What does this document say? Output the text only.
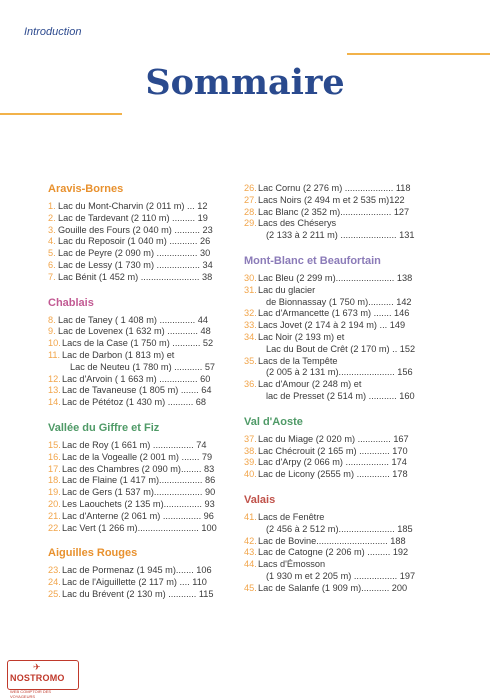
Introduction
Sommaire
Aravis-Bornes
1. Lac du Mont-Charvin (2 011 m) ... 12
2. Lac de Tardevant (2 110 m) ......... 19
3. Gouille des Fours (2 040 m) .......... 23
4. Lac du Reposoir (1 040 m) ........... 26
5. Lac de Peyre (2 090 m) ................ 30
6. Lac de Lessy (1 730 m) ................. 34
7. Lac Bénit (1 452 m) ....................... 38
Chablais
8. Lac de Taney ( 1 408 m) .............. 44
9. Lac de Lovenex (1 632 m) ............ 48
10. Lacs de la Case (1 750 m) ........... 52
11. Lac de Darbon (1 813 m) et
Lac de Neuteu (1 780 m) ........... 57
12. Lac d'Arvoin ( 1 663 m) ............... 60
13. Lac de Tavaneuse (1 805 m) ....... 64
14. Lac de Pététoz (1 430 m) .......... 68
Vallée du Giffre et Fiz
15. Lac de Roy (1 661 m) ................ 74
16. Lac de la Vogealle (2 001 m) ....... 79
17. Lac des Chambres (2 090 m)........ 83
18. Lac de Flaine (1 417 m)................. 86
19. Lac de Gers (1 537 m)................... 90
20. Les Laouchets (2 135 m)............... 93
21. Lac d'Anterne (2 061 m) ............... 96
22. Lac Vert (1 266 m)........................ 100
Aiguilles Rouges
23. Lac de Pormenaz (1 945 m)....... 106
24. Lac de l'Aiguillette (2 117 m) .... 110
25. Lac du Brévent (2 130 m) ........... 115
26. Lac Cornu (2 276 m) ................... 118
27. Lacs Noirs (2 494 m et 2 535 m)122
28. Lac Blanc (2 352 m).................... 127
29. Lacs des Chéserys
(2 133 à 2 211 m) ...................... 131
Mont-Blanc et Beaufortain
30. Lac Bleu (2 299 m)....................... 138
31. Lac du glacier
de Bionnassay (1 750 m).......... 142
32. Lac d'Armancette (1 673 m) ....... 146
33. Lacs Jovet (2 174 à 2 194 m) ... 149
34. Lac Noir (2 193 m) et
Lac du Bout de Crêt (2 170 m) .. 152
35. Lacs de la Tempête
(2 005 à 2 131 m)...................... 156
36. Lac d'Amour (2 248 m) et
lac de Presset (2 514 m) ........... 160
Val d'Aoste
37. Lac du Miage (2 020 m) ............. 167
38. Lac Chécrouit (2 165 m) ............ 170
39. Lac d'Arpy (2 066 m) ................. 174
40. Lac de Licony (2555 m) ............. 178
Valais
41. Lacs de Fenêtre
(2 456 à 2 512 m)...................... 185
42. Lac de Bovine............................ 188
43. Lac de Catogne (2 206 m) ......... 192
44. Lacs d'Émosson
(1 930 m et 2 205 m) ................. 197
45. Lac de Salanfe (1 909 m)........... 200
✈
NOSTROMO
WEB COMPTOIR DES VOYAGEURS
